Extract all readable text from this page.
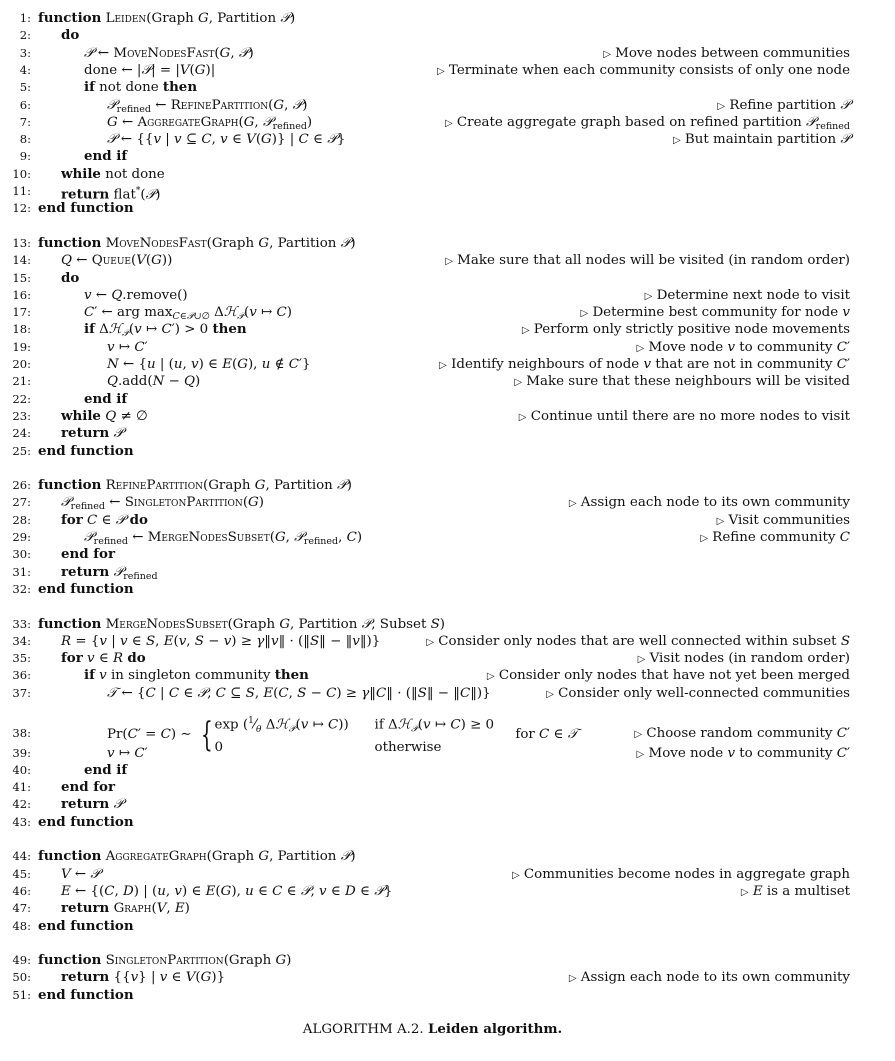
1: function Leiden(Graph G, Partition 𝒫)
2: do
3:	𝒫 ← MoveNodesFast(G, 𝒫)	▷ Move nodes between communities
4:	done ← |𝒫| = |V(G)|	▷ Terminate when each community consists of only one node
5:	if not done then
6:	𝒫$_{refined}$ ← RefinePartition(G, 𝒫)	▷ Refine partition 𝒫
7:	G ← AggregateGraph(G, 𝒫$_{refined}$)	▷ Create aggregate graph based on refined partition 𝒫$_{refined}$
8:	𝒫 ← {{v | v ⊆ C, v ∈ V(G)} | C ∈ 𝒫}	▷ But maintain partition 𝒫
9:	end if
10: while not done
11: return flat*(𝒫)
12: end function
13: function MoveNodesFast(Graph G, Partition 𝒫)
14: Q ← Queue(V(G))	▷ Make sure that all nodes will be visited (in random order)
15: do
16:	v ← Q.remove()	▷ Determine next node to visit
17:	C′ ← arg $\max_{C\in 𝒫\cup\emptyset}$ Δℋ$_𝒫$(v ↦ C)	▷ Determine best community for node v
18:	if Δℋ$_𝒫$(v ↦ C′) > 0 then	▷ Perform only strictly positive node movements
19:	v ↦ C′	▷ Move node v to community C′
20:	N ← {u | (u, v) ∈ E(G), u ∉ C′}	▷ Identify neighbours of node v that are not in community C′
21:	Q.add(N − Q)	▷ Make sure that these neighbours will be visited
22:	end if
23: while Q ≠ ∅	▷ Continue until there are no more nodes to visit
24: return 𝒫
25: end function
26: function RefinePartition(Graph G, Partition 𝒫)
27: 𝒫$_{refined}$ ← SingletonPartition(G)	▷ Assign each node to its own community
28: for C ∈ 𝒫 do	▷ Visit communities
29:	𝒫$_{refined}$ ← MergeNodesSubset(G, 𝒫$_{refined}$, C)	▷ Refine community C
30: end for
31: return 𝒫$_{refined}$
32: end function
33: function MergeNodesSubset(Graph G, Partition 𝒫, Subset S)
34: R = {v | v ∈ S, E(v, S − v) ≥ γ‖v‖ · (‖S‖ − ‖v‖)}	▷ Consider only nodes that are well connected within subset S
35: for v ∈ R do	▷ Visit nodes (in random order)
36:	if v in singleton community then	▷ Consider only nodes that have not yet been merged
37:	𝒯 ← {C | C ∈ 𝒫, C ⊆ S, E(C, S − C) ≥ γ‖C‖ · (‖S‖ − ‖C‖)}	▷ Consider only well-connected communities
38:	Pr(C′ = C) ∼ { $\exp (^1⁄_\theta$ Δℋ$_𝒫$(v ↦ C)) if Δℋ$_𝒫$(v ↦ C) ≥ 0
0	otherwise
for C ∈ 𝒯	▷ Choose random community C′
39:	v ↦ C′	▷ Move node v to community C′
40:	end if
41: end for
42: return 𝒫
43: end function
44: function AggregateGraph(Graph G, Partition 𝒫)
45: V ← 𝒫	▷ Communities become nodes in aggregate graph
46: E ← {(C, D) | (u, v) ∈ E(G), u ∈ C ∈ 𝒫, v ∈ D ∈ 𝒫}	▷ E is a multiset
47: return Graph(V, E)
48: end function
49: function SingletonPartition(Graph G)
50: return {{v} | v ∈ V(G)}	▷ Assign each node to its own community
51: end function
ALGORITHM A.2. Leiden algorithm.
